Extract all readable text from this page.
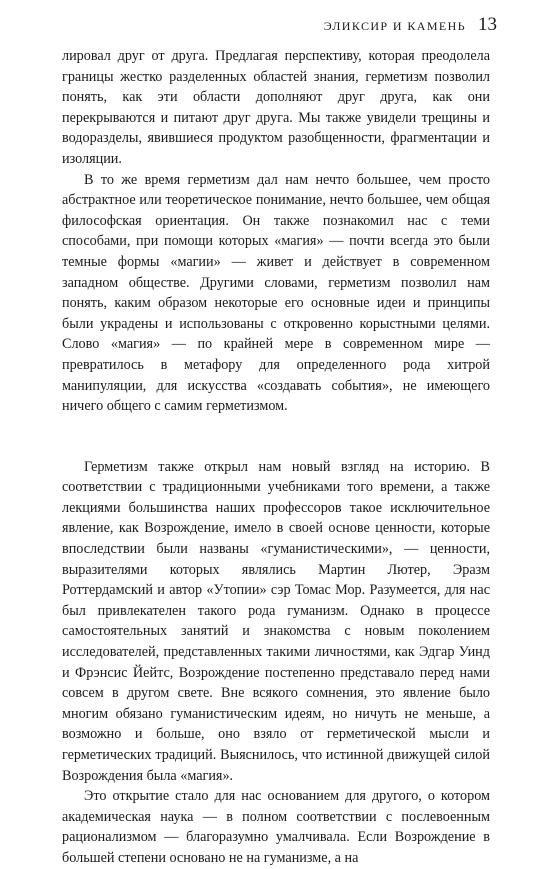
ЭЛИКСИР И КАМЕНЬ 13

лировал друг от друга. Предлагая перспективу, которая преодолела границы жестко разделенных областей знания, герметизм позволил понять, как эти области дополняют друг друга, как они перекрываются и питают друг друга. Мы также увидели трещины и водоразделы, явившиеся продуктом разобщенности, фрагментации и изоляции.

В то же время герметизм дал нам нечто большее, чем просто абстрактное или теоретическое понимание, нечто большее, чем общая философская ориентация. Он также познакомил нас с теми способами, при помощи которых «магия» — почти всегда это были темные формы «магии» — живет и действует в современном западном обществе. Другими словами, герметизм позволил нам понять, каким образом некоторые его основные идеи и принципы были украдены и использованы с откровенно корыстными целями. Слово «магия» — по крайней мере в современном мире — превратилось в метафору для определенного рода хитрой манипуляции, для искусства «создавать события», не имеющего ничего общего с самим герметизмом.

Герметизм также открыл нам новый взгляд на историю. В соответствии с традиционными учебниками того времени, а также лекциями большинства наших профессоров такое исключительное явление, как Возрождение, имело в своей основе ценности, которые впоследствии были названы «гуманистическими», — ценности, выразителями которых являлись Мартин Лютер, Эразм Роттердамский и автор «Утопии» сэр Томас Мор. Разумеется, для нас был привлекателен такого рода гуманизм. Однако в процессе самостоятельных занятий и знакомства с новым поколением исследователей, представленных такими личностями, как Эдгар Уинд и Фрэнсис Йейтс, Возрождение постепенно представало перед нами совсем в другом свете. Вне всякого сомнения, это явление было многим обязано гуманистическим идеям, но ничуть не меньше, а возможно и больше, оно взяло от герметической мысли и герметических традиций. Выяснилось, что истинной движущей силой Возрождения была «магия».

Это открытие стало для нас основанием для другого, о котором академическая наука — в полном соответствии с послевоенным рационализмом — благоразумно умалчивала. Если Возрождение в большей степени основано не на гуманизме, а на
